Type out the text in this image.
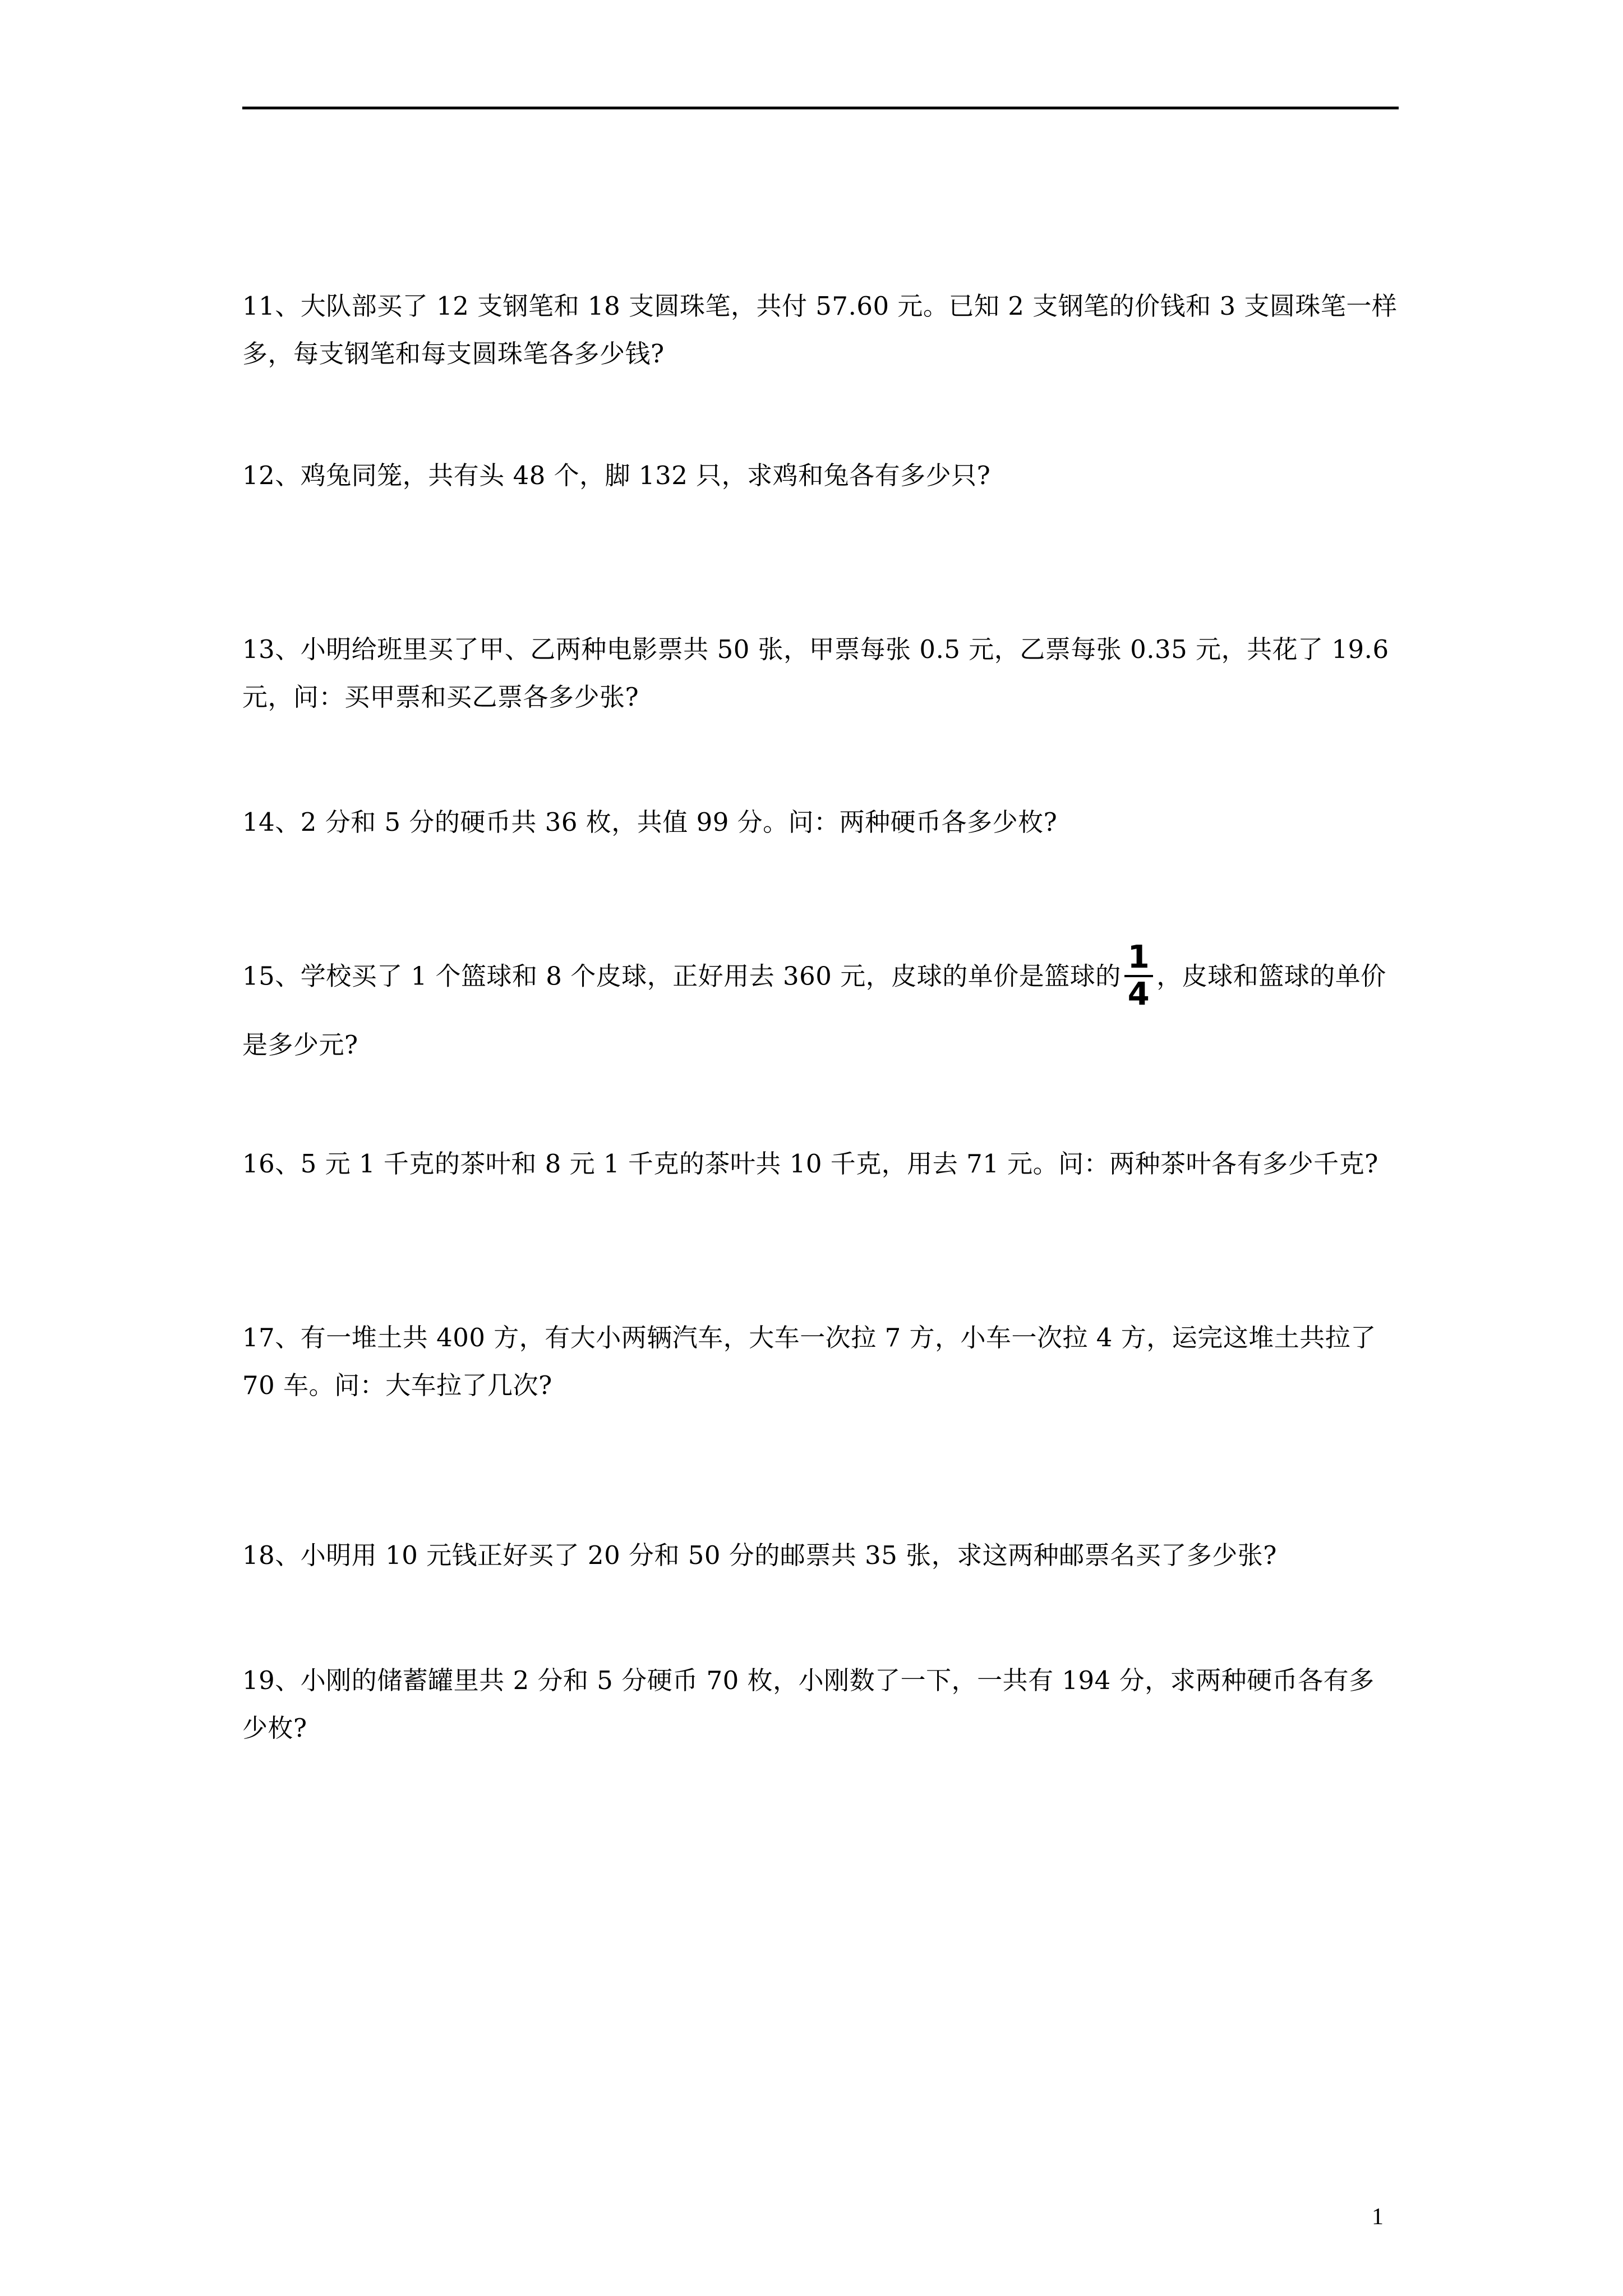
11、大队部买了 12 支钢笔和 18 支圆珠笔，共付 57.60 元。已知 2 支钢笔的价钱和 3 支圆珠笔一样多，每支钢笔和每支圆珠笔各多少钱?

12、鸡兔同笼，共有头 48 个，脚 132 只，求鸡和兔各有多少只?

13、小明给班里买了甲、乙两种电影票共 50 张，甲票每张 0.5 元，乙票每张 0.35 元，共花了 19.6 元，问：买甲票和买乙票各多少张?

14、2 分和 5 分的硬币共 36 枚，共值 99 分。问：两种硬币各多少枚?

15、学校买了 1 个篮球和 8 个皮球，正好用去 360 元，皮球的单价是篮球的 $\frac{1}{4}$ ，皮球和篮球的单价是多少元?

16、5 元 1 千克的茶叶和 8 元 1 千克的茶叶共 10 千克，用去 71 元。问：两种茶叶各有多少千克?

17、有一堆土共 400 方，有大小两辆汽车，大车一次拉 7 方，小车一次拉 4 方，运完这堆土共拉了 70 车。问：大车拉了几次?

18、小明用 10 元钱正好买了 20 分和 50 分的邮票共 35 张，求这两种邮票名买了多少张?

19、小刚的储蓄罐里共 2 分和 5 分硬币 70 枚，小刚数了一下，一共有 194 分，求两种硬币各有多少枚?

1
